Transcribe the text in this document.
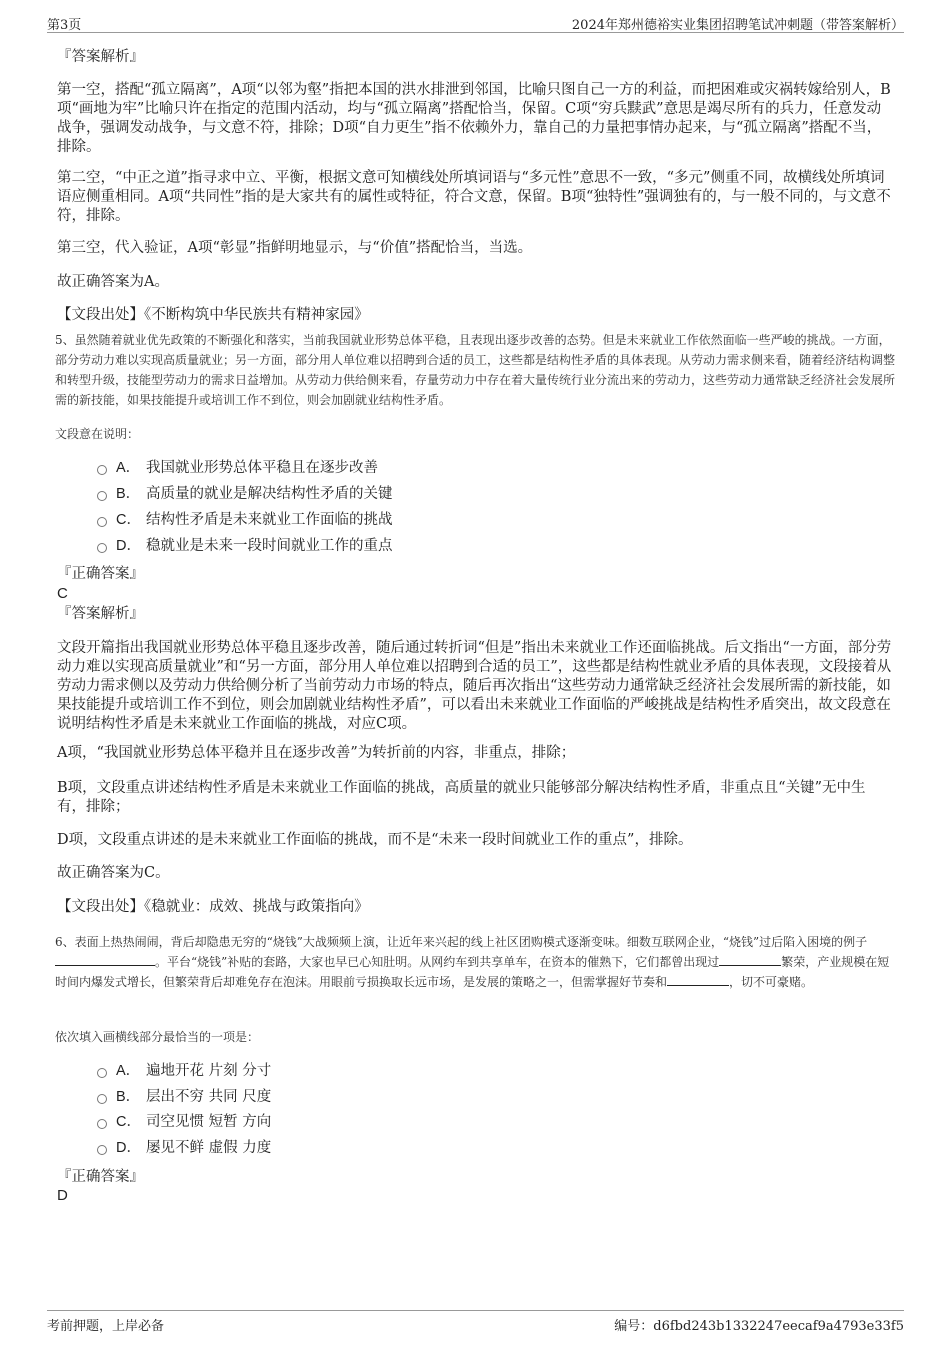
第3页	2024年郑州德裕实业集团招聘笔试冲刺题（带答案解析）

『答案解析』

第一空，搭配“孤立隔离”，A项“以邻为壑”指把本国的洪水排泄到邻国，比喻只图自己一方的利益，而把困难或灾祸转嫁给别人，B项“画地为牢”比喻只许在指定的范围内活动，均与“孤立隔离”搭配恰当，保留。C项“穷兵黩武”意思是竭尽所有的兵力，任意发动战争，强调发动战争，与文意不符，排除；D项“自力更生”指不依赖外力，靠自己的力量把事情办起来，与“孤立隔离”搭配不当，排除。

第二空，“中正之道”指寻求中立、平衡，根据文意可知横线处所填词语与“多元性”意思不一致，“多元”侧重不同，故横线处所填词语应侧重相同。A项“共同性”指的是大家共有的属性或特征，符合文意，保留。B项“独特性”强调独有的，与一般不同的，与文意不符，排除。

第三空，代入验证，A项“彰显”指鲜明地显示，与“价值”搭配恰当，当选。

故正确答案为A。

【文段出处】《不断构筑中华民族共有精神家园》

5、虽然随着就业优先政策的不断强化和落实，当前我国就业形势总体平稳，且表现出逐步改善的态势。但是未来就业工作依然面临一些严峻的挑战。一方面，部分劳动力难以实现高质量就业；另一方面，部分用人单位难以招聘到合适的员工，这些都是结构性矛盾的具体表现。从劳动力需求侧来看，随着经济结构调整和转型升级，技能型劳动力的需求日益增加。从劳动力供给侧来看，存量劳动力中存在着大量传统行业分流出来的劳动力，这些劳动力通常缺乏经济社会发展所需的新技能，如果技能提升或培训工作不到位，则会加剧就业结构性矛盾。

文段意在说明：

A． 我国就业形势总体平稳且在逐步改善
B． 高质量的就业是解决结构性矛盾的关键
C． 结构性矛盾是未来就业工作面临的挑战
D． 稳就业是未来一段时间就业工作的重点

『正确答案』

C

『答案解析』

文段开篇指出我国就业形势总体平稳且逐步改善，随后通过转折词“但是”指出未来就业工作还面临挑战。后文指出“一方面，部分劳动力难以实现高质量就业”和“另一方面，部分用人单位难以招聘到合适的员工”，这些都是结构性就业矛盾的具体表现，文段接着从劳动力需求侧以及劳动力供给侧分析了当前劳动力市场的特点，随后再次指出“这些劳动力通常缺乏经济社会发展所需的新技能，如果技能提升或培训工作不到位，则会加剧就业结构性矛盾”，可以看出未来就业工作面临的严峻挑战是结构性矛盾突出，故文段意在说明结构性矛盾是未来就业工作面临的挑战，对应C项。

A项，“我国就业形势总体平稳并且在逐步改善”为转折前的内容，非重点，排除；

B项，文段重点讲述结构性矛盾是未来就业工作面临的挑战，高质量的就业只能够部分解决结构性矛盾，非重点且“关键”无中生有，排除；

D项，文段重点讲述的是未来就业工作面临的挑战，而不是“未来一段时间就业工作的重点”，排除。

故正确答案为C。

【文段出处】《稳就业：成效、挑战与政策指向》

6、表面上热热闹闹，背后却隐患无穷的“烧钱”大战频频上演，让近年来兴起的线上社区团购模式逐渐变味。细数互联网企业，“烧钱”过后陷入困境的例子。平台“烧钱”补贴的套路，大家也早已心知肚明。从网约车到共享单车，在资本的催熟下，它们都曾出现过	繁荣，产业规模在短时间内爆发式增长，但繁荣背后却难免存在泡沫。用眼前亏损换取长远市场，是发展的策略之一，但需掌握好节奏和	，切不可豪赌。

依次填入画横线部分最恰当的一项是：

A． 遍地开花 片刻 分寸
B． 层出不穷 共同 尺度
C． 司空见惯 短暂 方向
D． 屡见不鲜 虚假 力度

『正确答案』

D

考前押题，上岸必备	编号：d6fbd243b1332247eecaf9a4793e33f5
